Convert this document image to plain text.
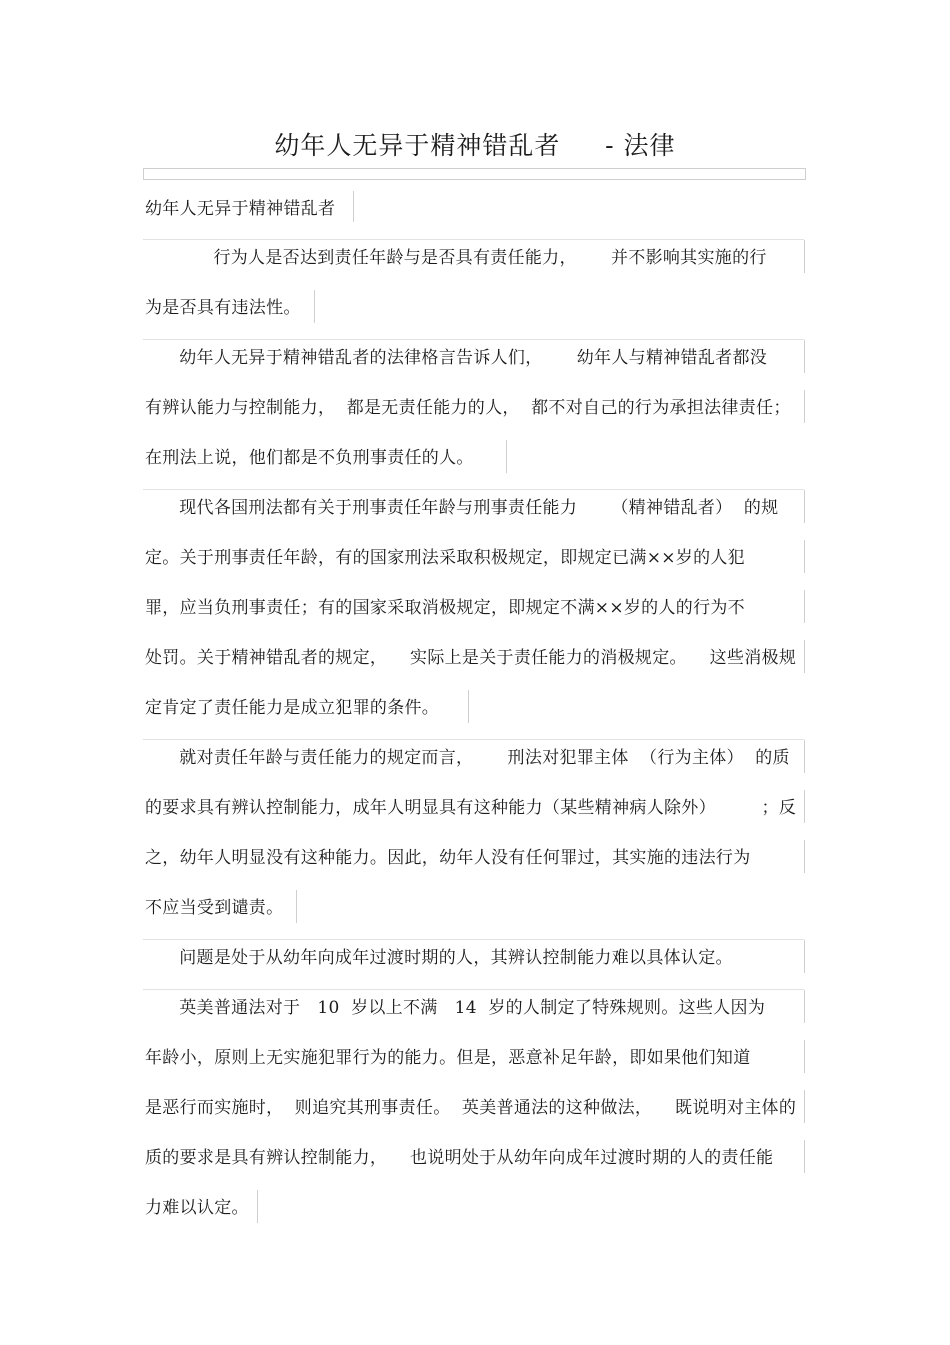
幼年人无异于精神错乱者     - 法律
幼年人无异于精神错乱者
行为人是否达到责任年龄与是否具有责任能力，      并不影响其实施的行
为是否具有违法性。
幼年人无异于精神错乱者的法律格言告诉人们，      幼年人与精神错乱者都没
有辨认能力与控制能力，  都是无责任能力的人，  都不对自己的行为承担法律责任；
在刑法上说，他们都是不负刑事责任的人。
现代各国刑法都有关于刑事责任年龄与刑事责任能力      （精神错乱者）  的规
定。关于刑事责任年龄，有的国家刑法采取积极规定，即规定已满××岁的人犯
罪，应当负刑事责任；有的国家采取消极规定，即规定不满××岁的人的行为不
处罚。关于精神错乱者的规定，    实际上是关于责任能力的消极规定。    这些消极规
定肯定了责任能力是成立犯罪的条件。
就对责任年龄与责任能力的规定而言，      刑法对犯罪主体  （行为主体）  的质
的要求具有辨认控制能力，成年人明显具有这种能力（某些精神病人除外）        ；反
之，幼年人明显没有这种能力。因此，幼年人没有任何罪过，其实施的违法行为
不应当受到谴责。
问题是处于从幼年向成年过渡时期的人，其辨认控制能力难以具体认定。
英美普通法对于   10  岁以上不满   14  岁的人制定了特殊规则。这些人因为
年龄小，原则上无实施犯罪行为的能力。但是，恶意补足年龄，即如果他们知道
是恶行而实施时，  则追究其刑事责任。  英美普通法的这种做法，    既说明对主体的
质的要求是具有辨认控制能力，    也说明处于从幼年向成年过渡时期的人的责任能
力难以认定。
